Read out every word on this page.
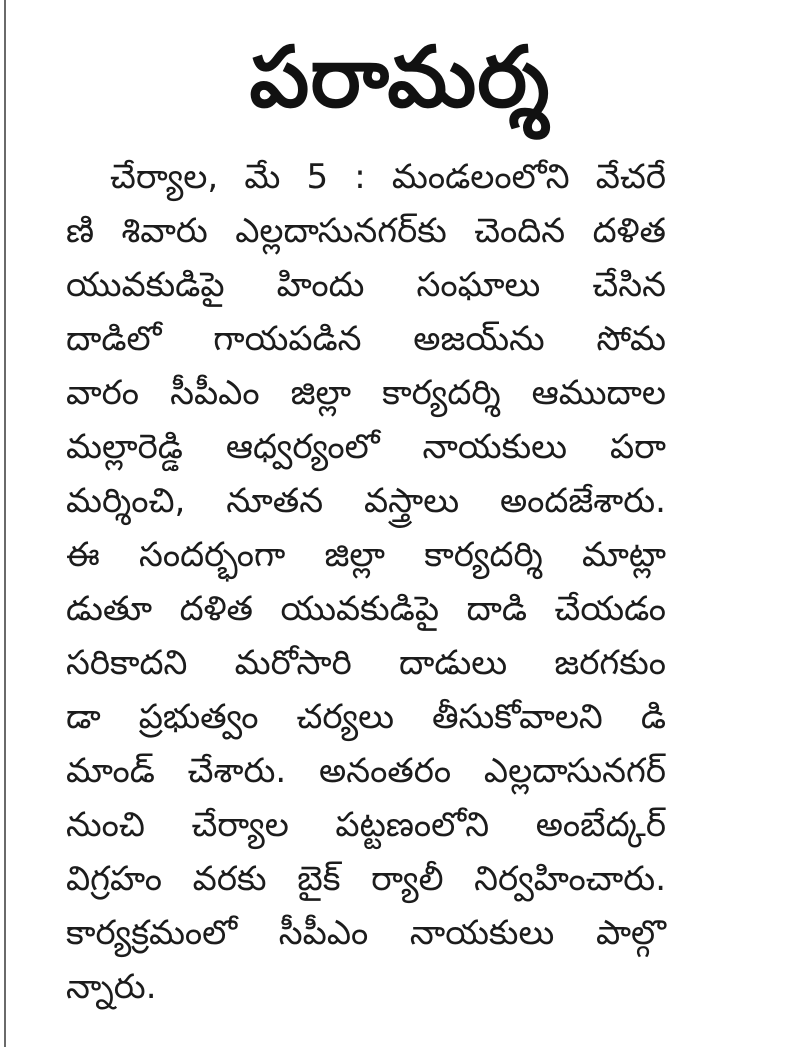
పరామర్శ
చేర్యాల, మే 5 : మండలంలోని వేచరే
ణి శివారు ఎల్లదాసునగర్‌కు చెందిన దళిత
యువకుడిపై హిందు సంఘాలు చేసిన
దాడిలో గాయపడిన అజయ్‌ను సోమ
వారం సీపీఎం జిల్లా కార్యదర్శి ఆముదాల
మల్లారెడ్డి ఆధ్వర్యంలో నాయకులు పరా
మర్శించి, నూతన వస్త్రాలు అందజేశారు.
ఈ సందర్భంగా జిల్లా కార్యదర్శి మాట్లా
డుతూ దళిత యువకుడిపై దాడి చేయడం
సరికాదని మరోసారి దాడులు జరగకుం
డా ప్రభుత్వం చర్యలు తీసుకోవాలని డి
మాండ్ చేశారు. అనంతరం ఎల్లదాసునగర్
నుంచి చేర్యాల పట్టణంలోని అంబేద్కర్
విగ్రహం వరకు బైక్ ర్యాలీ నిర్వహించారు.
కార్యక్రమంలో సీపీఎం నాయకులు పాల్గొ
న్నారు.
